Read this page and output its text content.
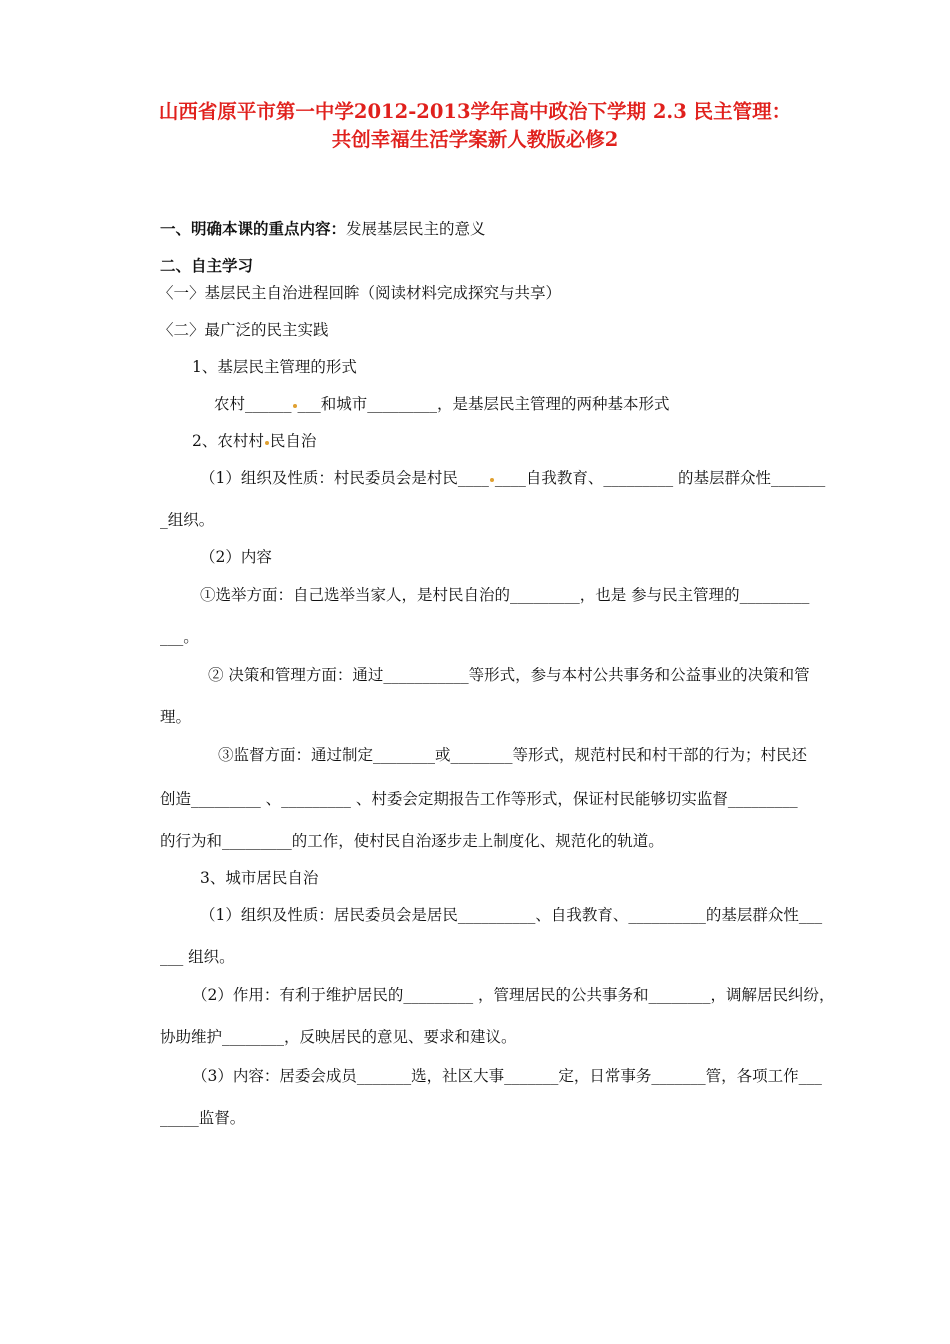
山西省原平市第一中学2012-2013学年高中政治下学期 2.3 民主管理：
共创幸福生活学案新人教版必修2
一、明确本课的重点内容：发展基层民主的意义
二、自主学习
〈一〉基层民主自治进程回眸（阅读材料完成探究与共享）
〈二〉最广泛的民主实践
1、基层民主管理的形式
农村______ ___和城市_________，是基层民主管理的两种基本形式
2、农村村 民自治
（1）组织及性质：村民委员会是村民____ ____自我教育、_________ 的基层群众性_______
_组织。
（2）内容
①选举方面：自己选举当家人，是村民自治的_________，也是 参与民主管理的_________
___。
② 决策和管理方面：通过___________等形式，参与本村公共事务和公益事业的决策和管
理。
③监督方面：通过制定________或________等形式，规范村民和村干部的行为；村民还
创造_________ 、_________ 、村委会定期报告工作等形式，保证村民能够切实监督_________
的行为和_________的工作，使村民自治逐步走上制度化、规范化的轨道。
3、城市居民自治
（1）组织及性质：居民委员会是居民__________、自我教育、__________的基层群众性___
___ 组织。
（2）作用：有利于维护居民的_________ ，管理居民的公共事务和________，调解居民纠纷，
协助维护________，反映居民的意见、要求和建议。
（3）内容：居委会成员_______选，社区大事_______定，日常事务_______管，各项工作___
_____监督。
